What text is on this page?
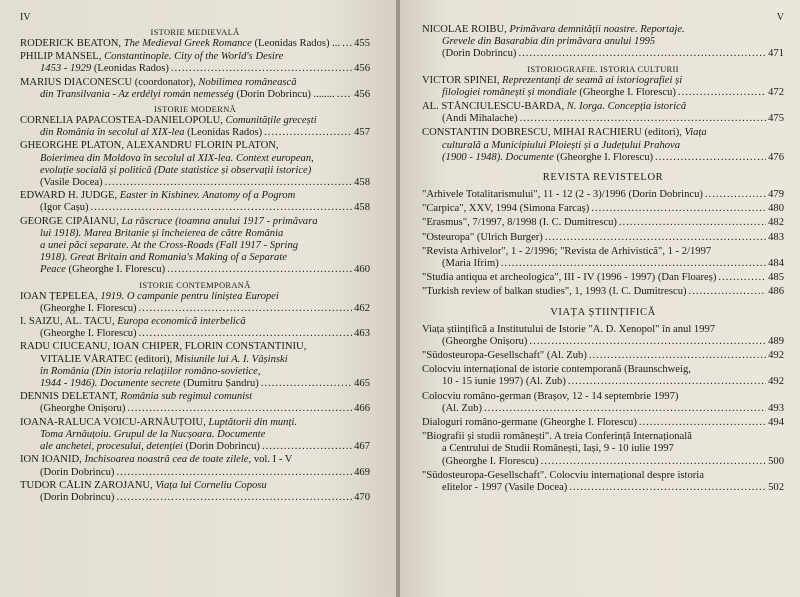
IV
ISTORIE MEDIEVALĂ
RODERICK BEATON, The Medieval Greek Romance (Leonidas Rados) ... ..... 455
PHILIP MANSEL, Constantinople. City of the World's Desire
1453 - 1929 (Leonidas Rados) .....	456
MARIUS DIACONESCU (coordonator), Nobilimea românească
din Transilvania - Az erdélyi román nemesség (Dorin Dobrincu) ........ ..... 456
ISTORIE MODERNĂ
CORNELIA PAPACOSTEA-DANIELOPOLU, Comunitățile grecești
din România în secolul al XIX-lea (Leonidas Rados) .....	457
GHEORGHE PLATON, ALEXANDRU FLORIN PLATON,
Boierimea din Moldova în secolul al XIX-lea. Context european,
evoluție socială și politică (Date statistice și observații istorice)
(Vasile Docea) .....	458
EDWARD H. JUDGE, Easter in Kishinev. Anatomy of a Pogrom
(Igor Cașu) .....	458
GEORGE CIPĂIANU, La răscruce (toamna anului 1917 - primăvara
lui 1918). Marea Britanie și încheierea de către România
a unei păci separate. At the Cross-Roads (Fall 1917 - Spring
1918). Great Britain and Romania's Making of a Separate
Peace (Gheorghe I. Florescu) .....	460
ISTORIE CONTEMPORANĂ
IOAN ȚEPELEA, 1919. O campanie pentru liniștea Europei
(Gheorghe I. Florescu) .....	462
I. SAIZU, AL. TACU, Europa economică interbelică
(Gheorghe I. Florescu) .....	463
RADU CIUCEANU, IOAN CHIPER, FLORIN CONSTANTINIU,
VITALIE VĂRATEC (editori), Misiunile lui A. I. Vâșinski
în România (Din istoria relațiilor româno-sovietice,
1944 - 1946). Documente secrete (Dumitru Șandru) .....	465
DENNIS DELETANT, România sub regimul comunist
(Gheorghe Onișoru) .....	466
IOANA-RALUCA VOICU-ARNĂUȚOIU, Luptătorii din munți.
Toma Arnăuțoiu. Grupul de la Nucșoara. Documente
ale anchetei, procesului, detenției (Dorin Dobrincu) .....	467
ION IOANID, Închisoarea noastră cea de toate zilele, vol. I - V
(Dorin Dobrincu) .....	469
TUDOR CĂLIN ZAROJANU, Viața lui Corneliu Coposu
(Dorin Dobrincu) .....	470
V
NICOLAE ROIBU, Primăvara demnității noastre. Reportaje.
Grevele din Basarabia din primăvara anului 1995
(Dorin Dobrincu) .....	471
ISTORIOGRAFIE. ISTORIA CULTURII
VICTOR SPINEI, Reprezentanți de seamă ai istoriografiei și
filologiei românești și mondiale (Gheorghe I. Florescu) .....	472
AL. STĂNCIULESCU-BÂRDA, N. Iorga. Concepția istorică
(Andi Mihalache) .....	475
CONSTANTIN DOBRESCU, MIHAI RACHIERU (editori), Viața
culturală a Municipiului Ploiești și a Județului Prahova
(1900 - 1948). Documente (Gheorghe I. Florescu) .....	476
REVISTA REVISTELOR
"Arhivele Totalitarismului", 11 - 12 (2 - 3)/1996 (Dorin Dobrincu) .....	479
"Carpica", XXV, 1994 (Simona Farcaș) .....	480
"Erasmus", 7/1997, 8/1998 (I. C. Dumitrescu) .....	482
"Osteuropa" (Ulrich Burger) .....	483
"Revista Arhivelor", 1 - 2/1996; "Revista de Arhivistică", 1 - 2/1997
(Maria Ifrim) .....	484
"Studia antiqua et archeologica", III - IV (1996 - 1997) (Dan Floareș) .....	485
"Turkish review of balkan studies", 1, 1993 (I. C. Dumitrescu) .....	486
VIAȚA ȘTIINȚIFICĂ
Viața științifică a Institutului de Istorie "A. D. Xenopol" în anul 1997
(Gheorghe Onișoru) .....	489
"Südosteuropa-Gesellschaft" (Al. Zub) .....	492
Colocviu internațional de istorie contemporană (Braunschweig,
10 - 15 iunie 1997) (Al. Zub) .....	492
Colocviu româno-german (Brașov, 12 - 14 septembrie 1997)
(Al. Zub) .....	493
Dialoguri româno-germane (Gheorghe I. Florescu) .....	494
"Biografii și studii românești". A treia Conferință Internațională
a Centrului de Studii Românești, Iași, 9 - 10 iulie 1997
(Gheorghe I. Florescu) .....	500
"Südosteuropa-Gesellschaft". Colocviu internațional despre istoria
elitelor - 1997 (Vasile Docea) .....	502
